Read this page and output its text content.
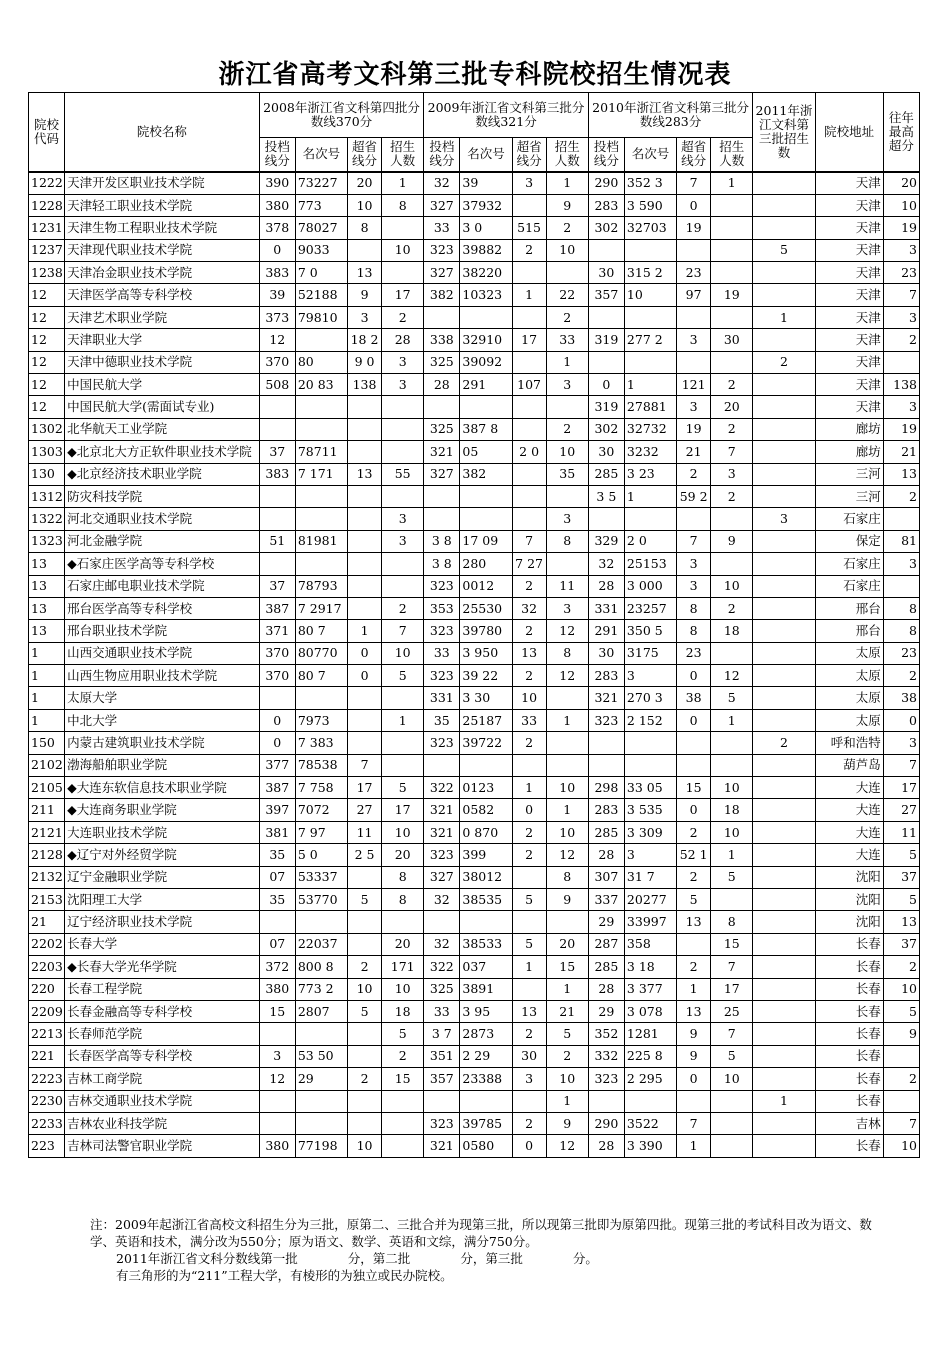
浙江省高考文科第三批专科院校招生情况表
院校代码	院校名称	2008年浙江省文科第四批分数线370分				2009年浙江省文科第三批分数线321分				2010年浙江省文科第三批分数线283分				2011年浙江文科第三批招生数	院校地址	往年最高超分
		投档线分	名次号	超省线分	招生人数	投档线分	名次号	超省线分	招生人数	投档线分	名次号	超省线分	招生人数			
1222	天津开发区职业技术学院	390	73227	20	1	32	39	3	1	290	352 3	7	1		天津	20
1228	天津轻工职业技术学院	380	773	10	8	327	37932		9	283	3 590	0			天津	10
1231	天津生物工程职业技术学院	378	78027	8		33	3 0	515	2	302	32703	19			天津	19
1237	天津现代职业技术学院	0	9033		10	323	39882	2	10					5	天津	3
1238	天津冶金职业技术学院	383	7 0	13		327	38220			30	315 2	23			天津	23
12	天津医学高等专科学校	39	52188	9	17	382	10323	1	22	357	10	97	19		天津	7
12	天津艺术职业学院	373	79810	3	2				2					1	天津	3
12	天津职业大学	12		18 2	28	338	32910	17	33	319	277 2	3	30		天津	2
12	天津中德职业技术学院	370	80	9 0	3	325	39092		1					2	天津	
12	中国民航大学	508	20 83	138	3	28	291	107	3	0	1	121	2		天津	138
12	中国民航大学(需面试专业)									319	27881	3	20		天津	3
1302	北华航天工业学院					325	387 8		2	302	32732	19	2		廊坊	19
1303	◆北京北大方正软件职业技术学院	37	78711			321	05	2 0	10	30	3232	21	7		廊坊	21
130	◆北京经济技术职业学院	383	7 171	13	55	327	382		35	285	3 23	2	3		三河	13
1312	防灾科技学院									3 5	1	59 2	2		三河	2
1322	河北交通职业技术学院				3				3					3	石家庄	
1323	河北金融学院	51	81981		3	3 8	17 09	7	8	329	2 0	7	9		保定	81
13	◆石家庄医学高等专科学校					3 8	280	7 27		32	25153	3			石家庄	3
13	石家庄邮电职业技术学院	37	78793			323	0012	2	11	28	3 000	3	10		石家庄	
13	邢台医学高等专科学校	387	7 2917		2	353	25530	32	3	331	23257	8	2		邢台	8
13	邢台职业技术学院	371	80 7	1	7	323	39780	2	12	291	350 5	8	18		邢台	8
1	山西交通职业技术学院	370	80770	0	10	33	3 950	13	8	30	3175	23			太原	23
1	山西生物应用职业技术学院	370	80 7	0	5	323	39 22	2	12	283	3	0	12		太原	2
1	太原大学					331	3 30	10		321	270 3	38	5		太原	38
1	中北大学	0	7973		1	35	25187	33	1	323	2 152	0	1		太原	0
150	内蒙古建筑职业技术学院	0	7 383			323	39722	2						2	呼和浩特	3
2102	渤海船舶职业学院	377	78538	7											葫芦岛	7
2105	◆大连东软信息技术职业学院	387	7 758	17	5	322	0123	1	10	298	33 05	15	10		大连	17
211	◆大连商务职业学院	397	7072	27	17	321	0582	0	1	283	3 535	0	18		大连	27
2121	大连职业技术学院	381	7 97	11	10	321	0 870	2	10	285	3 309	2	10		大连	11
2128	◆辽宁对外经贸学院	35	5 0	2 5	20	323	399	2	12	28	3	52 1	1		大连	5
2132	辽宁金融职业学院	07	53337		8	327	38012		8	307	31 7	2	5		沈阳	37
2153	沈阳理工大学	35	53770	5	8	32	38535	5	9	337	20277	5			沈阳	5
21	辽宁经济职业技术学院									29	33997	13	8		沈阳	13
2202	长春大学	07	22037		20	32	38533	5	20	287	358		15		长春	37
2203	◆长春大学光华学院	372	800 8	2	171	322	037	1	15	285	3 18	2	7		长春	2
220	长春工程学院	380	773 2	10	10	325	3891		1	28	3 377	1	17		长春	10
2209	长春金融高等专科学校	15	2807	5	18	33	3 95	13	21	29	3 078	13	25		长春	5
2213	长春师范学院				5	3 7	2873	2	5	352	1281	9	7		长春	9
221	长春医学高等专科学校	3	53 50		2	351	2 29	30	2	332	225 8	9	5		长春	
2223	吉林工商学院	12	29	2	15	357	23388	3	10	323	2 295	0	10		长春	2
2230	吉林交通职业技术学院								1					1	长春	
2233	吉林农业科技学院					323	39785	2	9	290	3522	7			吉林	7
223	吉林司法警官职业学院	380	77198	10		321	0580	0	12	28	3 390	1			长春	10

注：2009年起浙江省高校文科招生分为三批，原第二、三批合并为现第三批，所以现第三批即为原第四批。现第三批的考试科目改为语文、数学、英语和技术，满分改为550分；原为语文、数学、英语和文综，满分750分。

2011年浙江省文科分数线第一批　　　　分，第二批　　　　分，第三批　　　　分。

有三角形的为“211”工程大学，有棱形的为独立或民办院校。
